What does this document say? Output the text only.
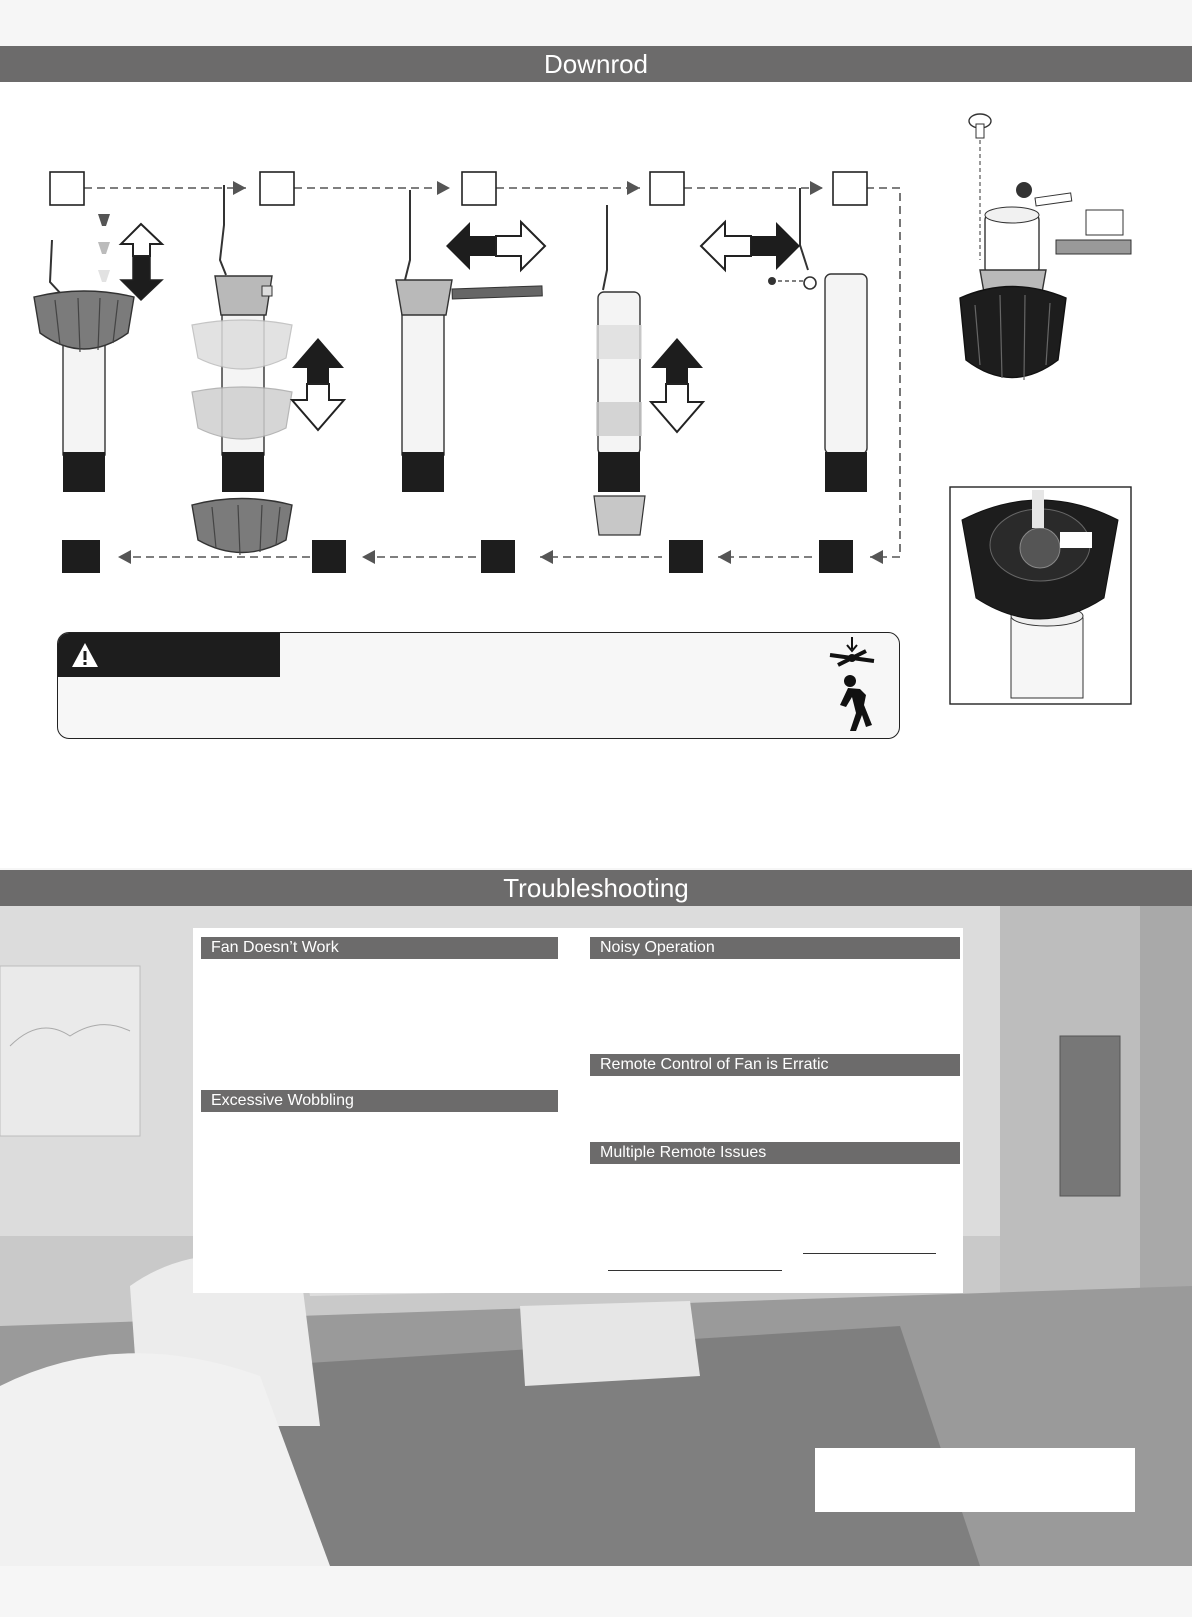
Downrod
Troubleshooting
Fan Doesn’t Work
Excessive Wobbling
Noisy Operation
Remote Control of Fan is Erratic
Multiple Remote Issues
